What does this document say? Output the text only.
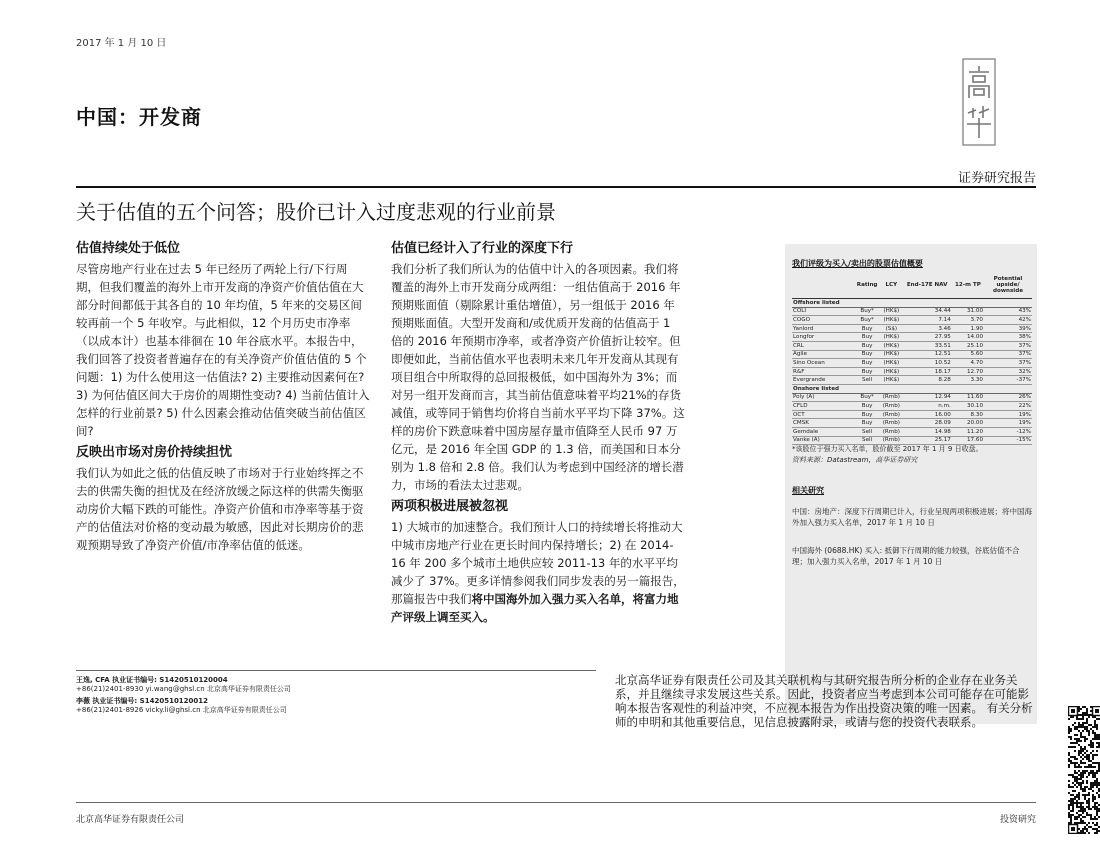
2017 年 1 月 10 日
中国：开发商
证券研究报告
关于估值的五个问答；股价已计入过度悲观的行业前景
估值持续处于低位

尽管房地产行业在过去 5 年已经历了两轮上行/下行周期，但我们覆盖的海外上市开发商的净资产价值估值在大部分时间都低于其各自的 10 年均值，5 年来的交易区间较再前一个 5 年收窄。与此相似，12 个月历史市净率（以成本计）也基本徘徊在 10 年谷底水平。本报告中，我们回答了投资者普遍存在的有关净资产价值估值的 5 个问题：1) 为什么使用这一估值法? 2) 主要推动因素何在? 3) 为何估值区间大于房价的周期性变动? 4) 当前估值计入怎样的行业前景? 5) 什么因素会推动估值突破当前估值区间?

反映出市场对房价持续担忧

我们认为如此之低的估值反映了市场对于行业始终挥之不去的供需失衡的担忧及在经济放缓之际这样的供需失衡驱动房价大幅下跌的可能性。净资产价值和市净率等基于资产的估值法对价格的变动最为敏感，因此对长期房价的悲观预期导致了净资产价值/市净率估值的低迷。

估值已经计入了行业的深度下行

我们分析了我们所认为的估值中计入的各项因素。我们将覆盖的海外上市开发商分成两组：一组估值高于 2016 年预期账面值（剔除累计重估增值），另一组低于 2016 年预期账面值。大型开发商和/或优质开发商的估值高于 1 倍的 2016 年预期市净率，或者净资产价值折让较窄。但即便如此，当前估值水平也表明未来几年开发商从其现有项目组合中所取得的总回报极低，如中国海外为 3%；而对另一组开发商而言，其当前估值意味着平均21%的存货减值，或等同于销售均价将自当前水平平均下降 37%。这样的房价下跌意味着中国房屋存量市值降至人民币 97 万亿元，是 2016 年全国 GDP 的 1.3 倍，而美国和日本分别为 1.8 倍和 2.8 倍。我们认为考虑到中国经济的增长潜力，市场的看法太过悲观。

两项积极进展被忽视

1) 大城市的加速整合。我们预计人口的持续增长将推动大中城市房地产行业在更长时间内保持增长；2) 在 2014-16 年 200 多个城市土地供应较 2011-13 年的水平平均减少了 37%。更多详情参阅我们同步发表的另一篇报告，那篇报告中我们将中国海外加入强力买入名单，将富力地产评级上调至买入。

我们评级为买入/卖出的股票估值概要
	Rating	LCY	End-17E NAV	12-m TP	Potential upside/ downside
Offshore listed					
COLI	Buy*	(HK$)	34.44	31.00	43%
COGO	Buy*	(HK$)	7.14	3.70	42%
Yanlord	Buy	(S$)	3.46	1.90	39%
Longfor	Buy	(HK$)	27.95	14.00	38%
CRL	Buy	(HK$)	33.51	25.10	37%
Agile	Buy	(HK$)	12.51	5.60	37%
Sino Ocean	Buy	(HK$)	10.52	4.70	37%
R&F	Buy	(HK$)	18.17	12.70	32%
Evergrande	Sell	(HK$)	8.28	3.30	-37%
Onshore listed					
Poly (A)	Buy*	(Rmb)	12.94	11.60	26%
CFLD	Buy	(Rmb)	n.m.	30.10	22%
OCT	Buy	(Rmb)	16.00	8.30	19%
CMSK	Buy	(Rmb)	28.09	20.00	19%
Gemdale	Sell	(Rmb)	14.98	11.20	-12%
Vanke (A)	Sell	(Rmb)	25.17	17.60	-15%
*该股位于强力买入名单，股价截至 2017 年 1 月 9 日收盘。
资料来源：Datastream，高华证券研究
相关研究
中国：房地产：深度下行周期已计入，行业呈现两项积极进展；将中国海外加入强力买入名单，2017 年 1 月 10 日
中国海外 (0688.HK) 买入: 抵御下行周期的能力较强，谷底估值不合理；加入强力买入名单，2017 年 1 月 10 日
王逸, CFA 执业证书编号: S1420510120004
+86(21)2401-8930 yi.wang@ghsl.cn 北京高华证券有限责任公司
李薇 执业证书编号: S1420510120012
+86(21)2401-8926 vicky.li@ghsl.cn 北京高华证券有限责任公司
北京高华证券有限责任公司及其关联机构与其研究报告所分析的企业存在业务关系，并且继续寻求发展这些关系。因此，投资者应当考虑到本公司可能存在可能影响本报告客观性的利益冲突，不应视本报告为作出投资决策的唯一因素。 有关分析师的申明和其他重要信息，见信息披露附录，或请与您的投资代表联系。
北京高华证券有限责任公司	投资研究
